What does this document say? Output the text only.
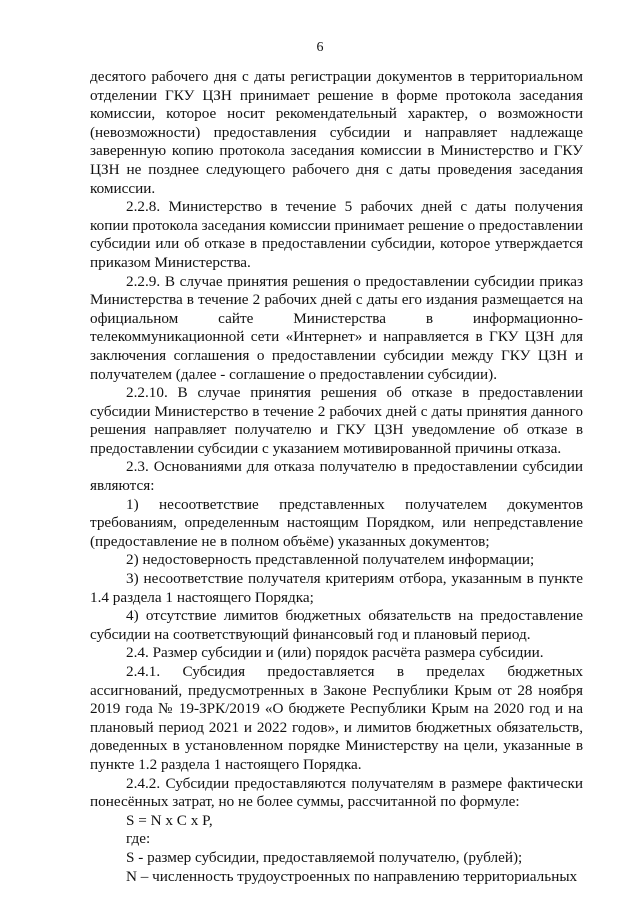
6

десятого рабочего дня с даты регистрации документов в территориальном отделении ГКУ ЦЗН принимает решение в форме протокола заседания комиссии, которое носит рекомендательный характер, о возможности (невозможности) предоставления субсидии и направляет надлежаще заверенную копию протокола заседания комиссии в Министерство и ГКУ ЦЗН не позднее следующего рабочего дня с даты проведения заседания комиссии.

2.2.8. Министерство в течение 5 рабочих дней с даты получения копии протокола заседания комиссии принимает решение о предоставлении субсидии или об отказе в предоставлении субсидии, которое утверждается приказом Министерства.

2.2.9. В случае принятия решения о предоставлении субсидии приказ Министерства в течение 2 рабочих дней с даты его издания размещается на официальном сайте Министерства в информационно-телекоммуникационной сети «Интернет» и направляется в ГКУ ЦЗН для заключения соглашения о предоставлении субсидии между ГКУ ЦЗН и получателем (далее - соглашение о предоставлении субсидии).

2.2.10. В случае принятия решения об отказе в предоставлении субсидии Министерство в течение 2 рабочих дней с даты принятия данного решения направляет получателю и ГКУ ЦЗН уведомление об отказе в предоставлении субсидии с указанием мотивированной причины отказа.

2.3. Основаниями для отказа получателю в предоставлении субсидии являются:

1) несоответствие представленных получателем документов требованиям, определенным настоящим Порядком, или непредставление (предоставление не в полном объёме) указанных документов;

2) недостоверность представленной получателем информации;

3) несоответствие получателя критериям отбора, указанным в пункте 1.4 раздела 1 настоящего Порядка;

4) отсутствие лимитов бюджетных обязательств на предоставление субсидии на соответствующий финансовый год и плановый период.

2.4. Размер субсидии и (или) порядок расчёта размера субсидии.

2.4.1. Субсидия предоставляется в пределах бюджетных ассигнований, предусмотренных в Законе Республики Крым от 28 ноября 2019 года № 19-ЗРК/2019 «О бюджете Республики Крым на 2020 год и на плановый период 2021 и 2022 годов», и лимитов бюджетных обязательств, доведенных в установленном порядке Министерству на цели, указанные в пункте 1.2 раздела 1 настоящего Порядка.

2.4.2. Субсидии предоставляются получателям в размере фактически понесённых затрат, но не более суммы, рассчитанной по формуле:

S = N x C x P,

где:

S - размер субсидии, предоставляемой получателю, (рублей);

N – численность трудоустроенных по направлению территориальных
